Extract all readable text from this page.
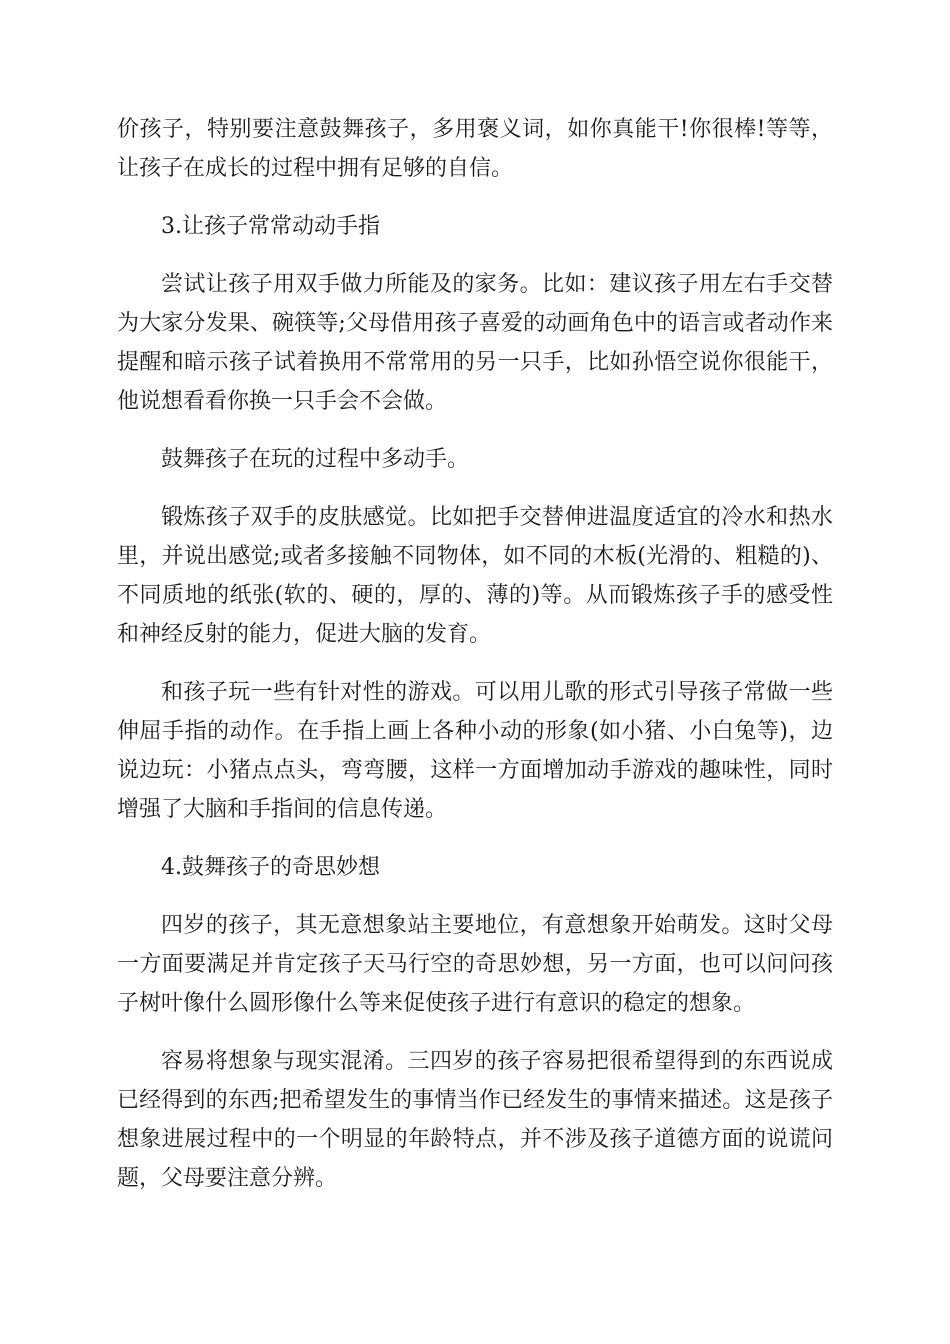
价孩子，特别要注意鼓舞孩子，多用褒义词，如你真能干!你很棒!等等，让孩子在成长的过程中拥有足够的自信。

3.让孩子常常动动手指

尝试让孩子用双手做力所能及的家务。比如：建议孩子用左右手交替为大家分发果、碗筷等;父母借用孩子喜爱的动画角色中的语言或者动作来提醒和暗示孩子试着换用不常常用的另一只手，比如孙悟空说你很能干，他说想看看你换一只手会不会做。

鼓舞孩子在玩的过程中多动手。

锻炼孩子双手的皮肤感觉。比如把手交替伸进温度适宜的冷水和热水里，并说出感觉;或者多接触不同物体，如不同的木板(光滑的、粗糙的)、不同质地的纸张(软的、硬的，厚的、薄的)等。从而锻炼孩子手的感受性和神经反射的能力，促进大脑的发育。

和孩子玩一些有针对性的游戏。可以用儿歌的形式引导孩子常做一些伸屈手指的动作。在手指上画上各种小动的形象(如小猪、小白兔等)，边说边玩：小猪点点头，弯弯腰，这样一方面增加动手游戏的趣味性，同时增强了大脑和手指间的信息传递。

4.鼓舞孩子的奇思妙想

四岁的孩子，其无意想象站主要地位，有意想象开始萌发。这时父母一方面要满足并肯定孩子天马行空的奇思妙想，另一方面，也可以问问孩子树叶像什么圆形像什么等来促使孩子进行有意识的稳定的想象。

容易将想象与现实混淆。三四岁的孩子容易把很希望得到的东西说成已经得到的东西;把希望发生的事情当作已经发生的事情来描述。这是孩子想象进展过程中的一个明显的年龄特点，并不涉及孩子道德方面的说谎问题，父母要注意分辨。
